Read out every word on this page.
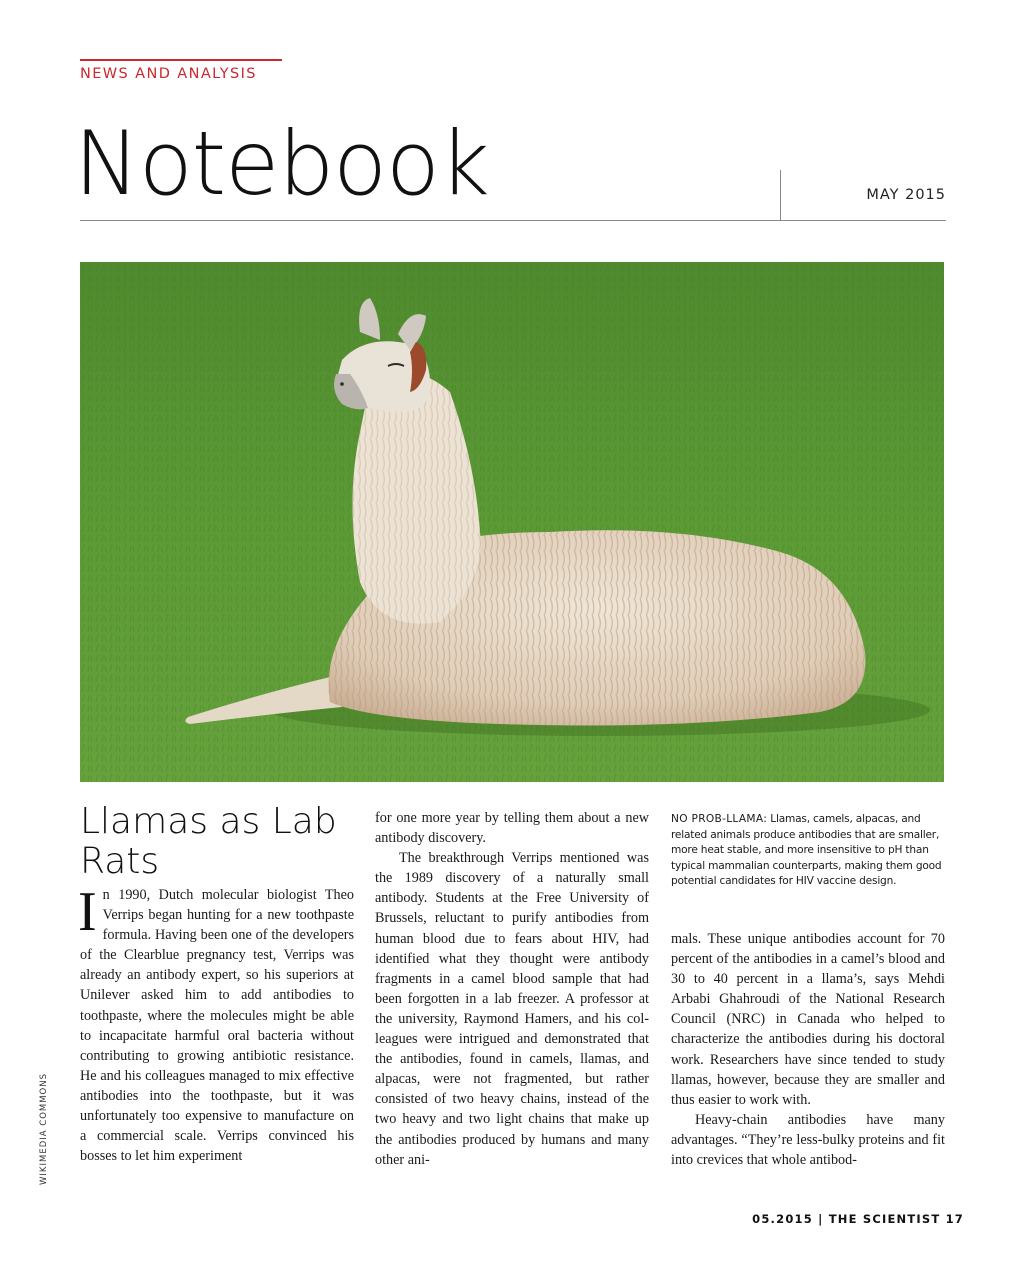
NEWS AND ANALYSIS
Notebook	MAY 2015
WIKIMEDIA COMMONS
Llamas as Lab Rats

In 1990, Dutch molecular biologist Theo Verrips began hunting for a new toothpaste formula. Having been one of the developers of the Clearblue pregnancy test, Verrips was already an antibody expert, so his superiors at Unilever asked him to add antibodies to toothpaste, where the molecules might be able to incapacitate harmful oral bacteria without contributing to growing antibiotic resistance. He and his colleagues managed to mix effective antibodies into the toothpaste, but it was unfortunately too expensive to manufacture on a commercial scale. Verrips convinced his bosses to let him experiment

for one more year by telling them about a new antibody discovery.

The breakthrough Verrips mentioned was the 1989 discovery of a naturally small antibody. Students at the Free University of Brussels, reluctant to purify antibodies from human blood due to fears about HIV, had identified what they thought were antibody fragments in a camel blood sample that had been forgotten in a lab freezer. A professor at the university, Raymond Hamers, and his colleagues were intrigued and demonstrated that the antibodies, found in camels, llamas, and alpacas, were not fragmented, but rather consisted of two heavy chains, instead of the two heavy and two light chains that make up the antibodies produced by humans and many other ani-

NO PROB-LLAMA: Llamas, camels, alpacas, and related animals produce antibodies that are smaller, more heat stable, and more insensitive to pH than typical mammalian counterparts, making them good potential candidates for HIV vaccine design.

mals. These unique antibodies account for 70 percent of the antibodies in a camel’s blood and 30 to 40 percent in a llama’s, says Mehdi Arbabi Ghahroudi of the National Research Council (NRC) in Canada who helped to characterize the antibodies during his doctoral work. Researchers have since tended to study llamas, however, because they are smaller and thus easier to work with.

Heavy-chain antibodies have many advantages. “They’re less-bulky proteins and fit into crevices that whole antibod-

05.2015 | THE SCIENTIST 17
